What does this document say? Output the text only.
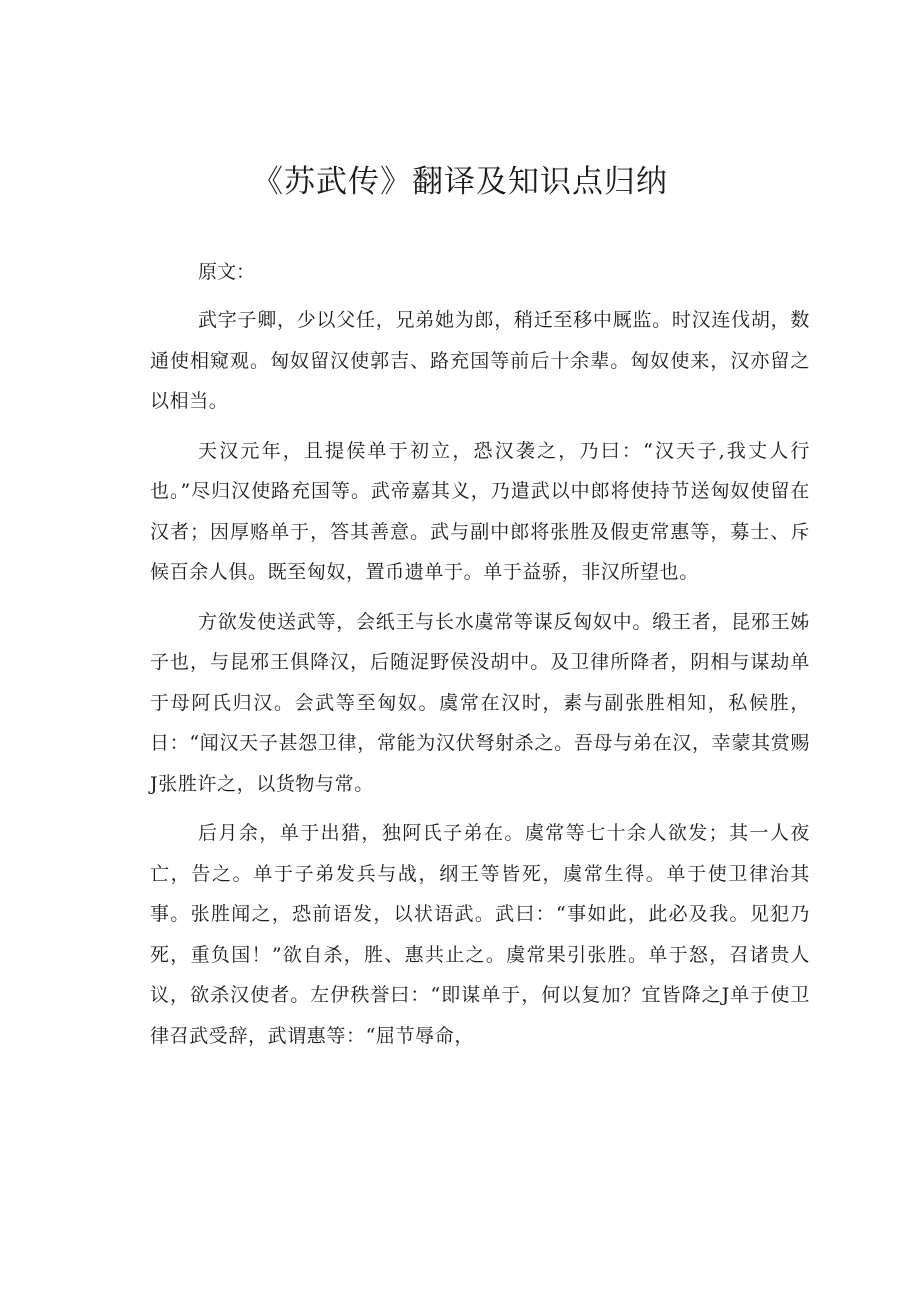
《苏武传》翻译及知识点归纳

原文：

武字子卿，少以父任，兄弟她为郎，稍迁至移中厩监。时汉连伐胡，数通使相窥观。匈奴留汉使郭吉、路充国等前后十余辈。匈奴使来，汉亦留之以相当。

天汉元年，且提侯单于初立，恐汉袭之，乃曰：“汉天子,我丈人行也。”尽归汉使路充国等。武帝嘉其义，乃遣武以中郎将使持节送匈奴使留在汉者；因厚赂单于，答其善意。武与副中郎将张胜及假吏常惠等，募士、斥候百余人俱。既至匈奴，置币遗单于。单于益骄，非汉所望也。

方欲发使送武等，会纸王与长水虞常等谋反匈奴中。缎王者，昆邪王姊子也，与昆邪王俱降汉，后随浞野侯没胡中。及卫律所降者，阴相与谋劫单于母阿氏归汉。会武等至匈奴。虞常在汉时，素与副张胜相知，私候胜，日：“闻汉天子甚怨卫律，常能为汉伏弩射杀之。吾母与弟在汉，幸蒙其赏赐J张胜许之，以货物与常。

后月余，单于出猎，独阿氏子弟在。虞常等七十余人欲发；其一人夜亡，告之。单于子弟发兵与战，纲王等皆死，虞常生得。单于使卫律治其事。张胜闻之，恐前语发，以状语武。武曰：“事如此，此必及我。见犯乃死，重负国！”欲自杀，胜、惠共止之。虞常果引张胜。单于怒，召诸贵人议，欲杀汉使者。左伊秩誉曰：“即谋单于，何以复加？宜皆降之J单于使卫律召武受辞，武谓惠等：“屈节辱命，
